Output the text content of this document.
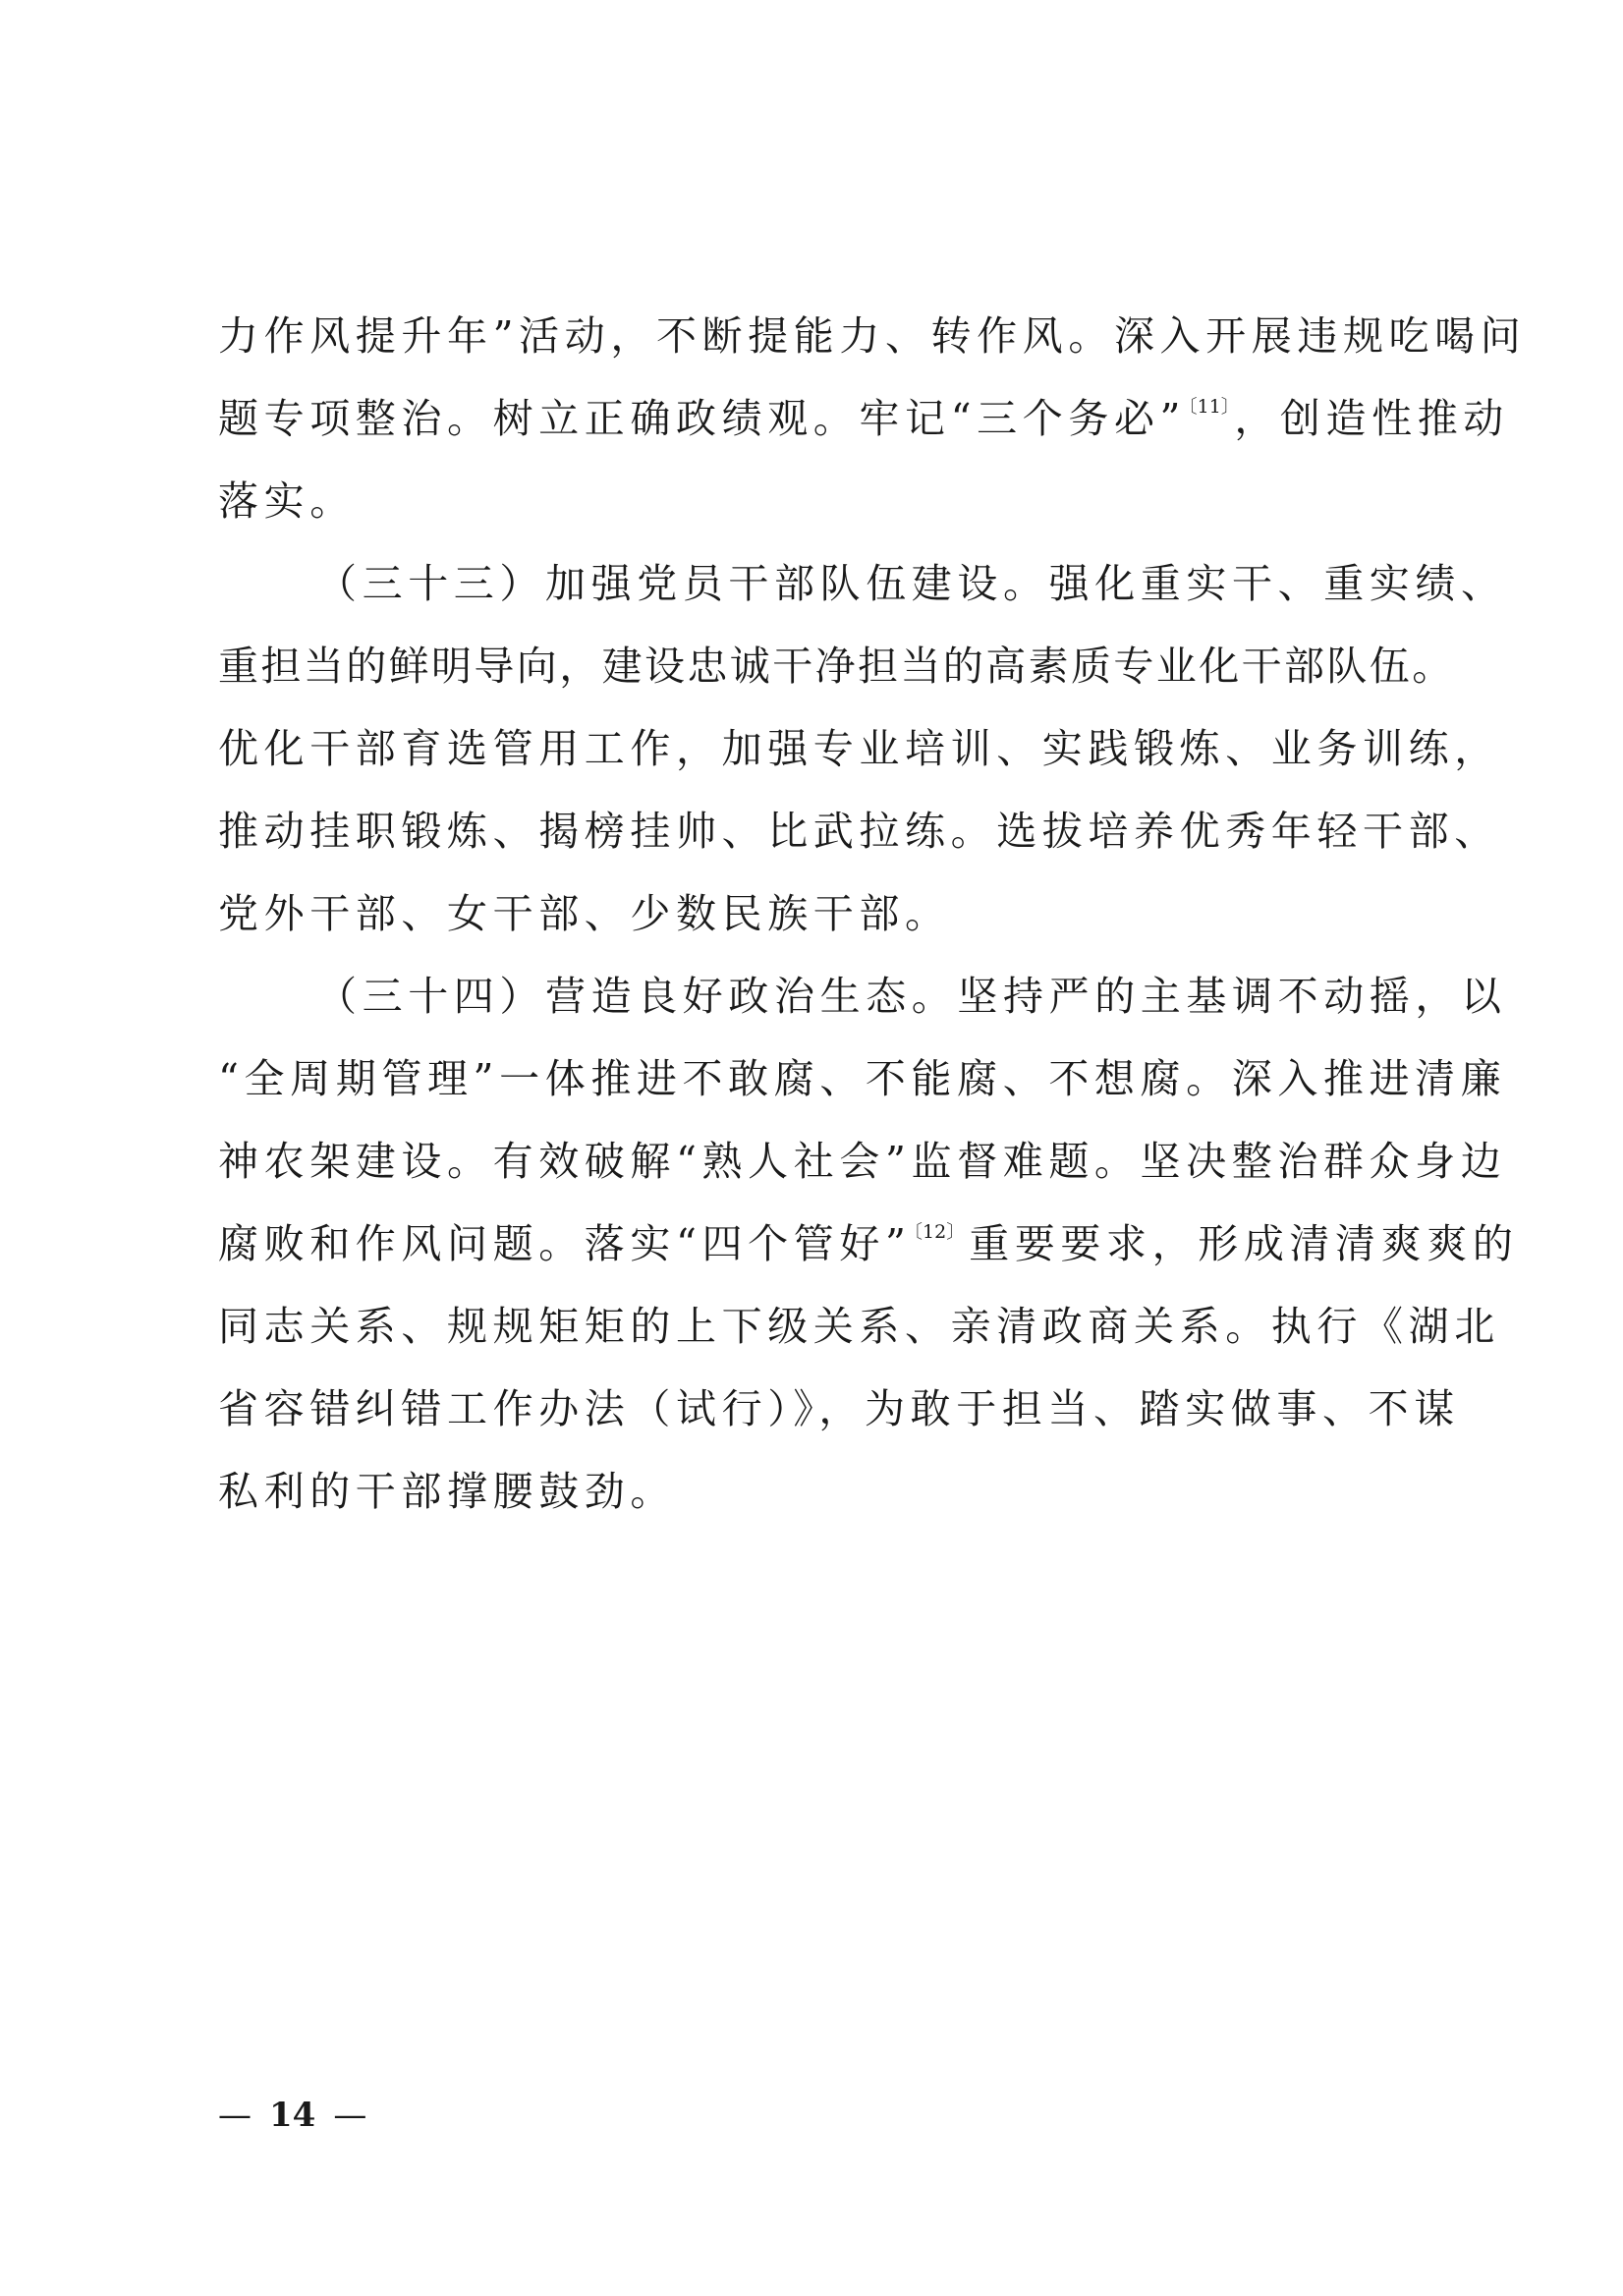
力作风提升年”活动，不断提能力、转作风。深入开展违规吃喝问
题专项整治。树立正确政绩观。牢记“三个务必” $^{〔11〕}$，创造性推动
落实。
（三十三）加强党员干部队伍建设。强化重实干、重实绩、
重担当的鲜明导向，建设忠诚干净担当的高素质专业化干部队伍。
优化干部育选管用工作，加强专业培训、实践锻炼、业务训练，
推动挂职锻炼、揭榜挂帅、比武拉练。选拔培养优秀年轻干部、
党外干部、女干部、少数民族干部。
（三十四）营造良好政治生态。坚持严的主基调不动摇，以
“全周期管理”一体推进不敢腐、不能腐、不想腐。深入推进清廉
神农架建设。有效破解“熟人社会”监督难题。坚决整治群众身边
腐败和作风问题。落实“四个管好” $^{〔12〕}$重要要求，形成清清爽爽的
同志关系、规规矩矩的上下级关系、亲清政商关系。执行《湖北
省容错纠错工作办法（试行）》，为敢于担当、踏实做事、不谋
私利的干部撑腰鼓劲。
— 14 —
